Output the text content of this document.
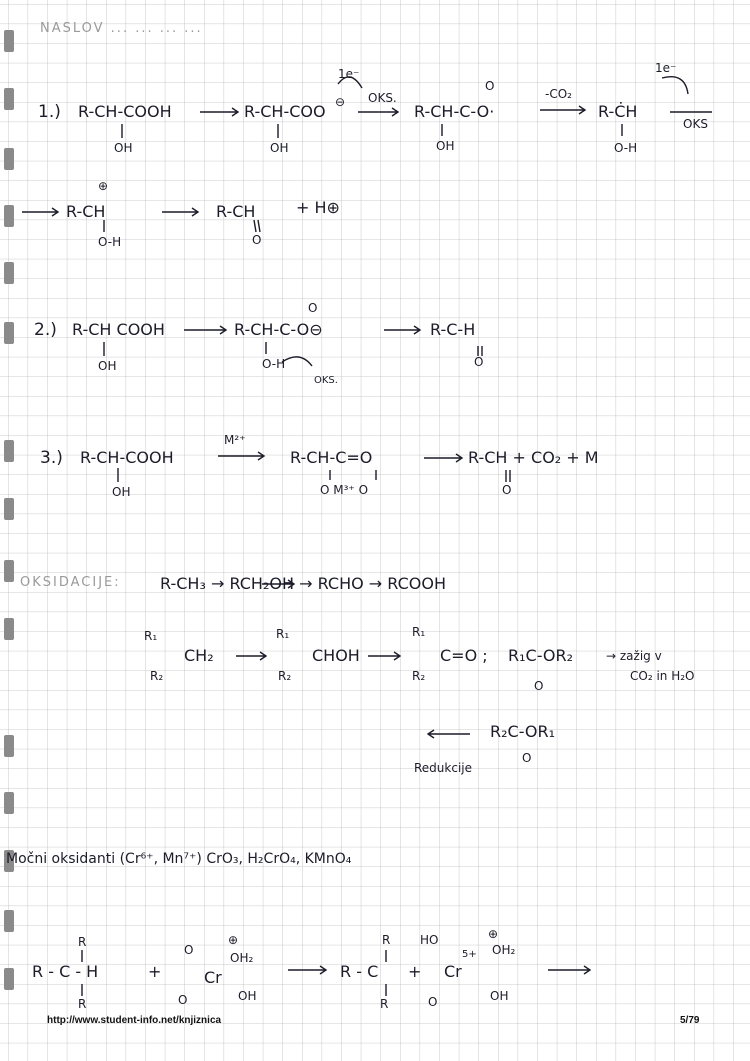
NASLOV ... ... ... ...
1.) R-CH-COOH
OH
R-CH-COO ⊖
OH
1e⁻
OKS.
R-CH-C-O·
O
OH
-CO₂
R-ĊH
1e⁻
O-H
OKS
R-CH
⊕
O-H
R-CH
O
+ H⊕
2.) R-CH COOH
OH
R-CH-C-O⊖
O
O-H
OKS.
R-C-H
O
3.) R-CH-COOH
OH
M²⁺
R-CH-C=O
O M³⁺ O
R-CH + CO₂ + M
O
OKSIDACIJE: R-CH₃ → RCH₂OH → RCHO → RCOOH
R₁
CH₂
R₂
R₁
CHOH
R₂
R₁
C=O ;
R₂
R₁C-OR₂
O
→ zažig v
CO₂ in H₂O
R₂C-OR₁
O
Redukcije
Močni oksidanti (Cr⁶⁺, Mn⁷⁺) CrO₃, H₂CrO₄, KMnO₄
R
R - C - H
R
+
O
OH₂
⊕
Cr
O	OH
R
R - C
R
+
HO
OH₂
⊕
5+
Cr
O	OH
http://www.student-info.net/knjiznica	5/79
